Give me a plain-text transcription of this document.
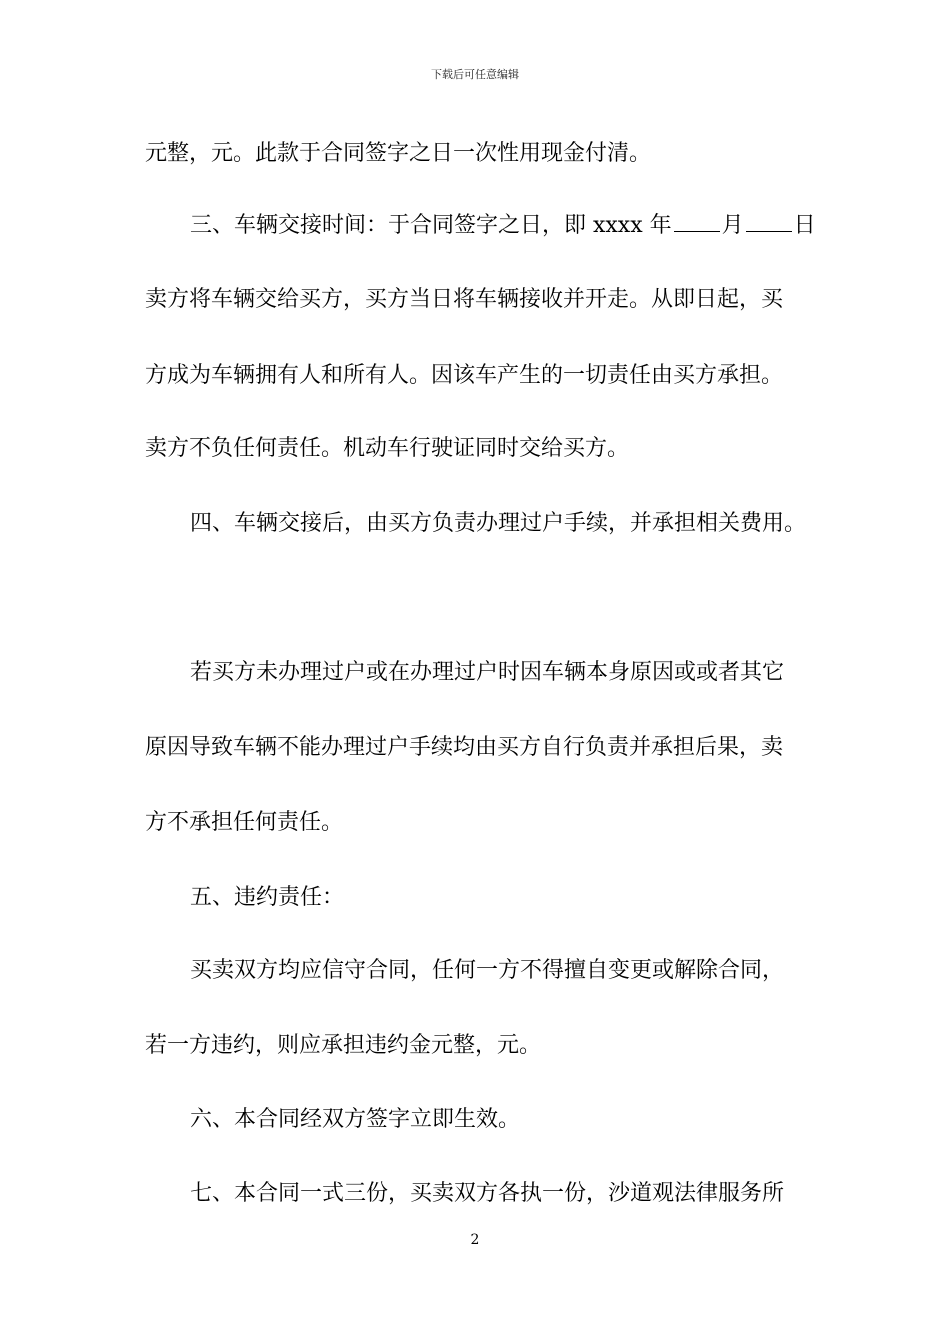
下载后可任意编辑

元整，元。此款于合同签字之日一次性用现金付清。

三、车辆交接时间：于合同签字之日，即 xxxx 年 月 日

卖方将车辆交给买方，买方当日将车辆接收并开走。从即日起，买

方成为车辆拥有人和所有人。因该车产生的一切责任由买方承担。

卖方不负任何责任。机动车行驶证同时交给买方。

四、车辆交接后，由买方负责办理过户手续，并承担相关费用。

若买方未办理过户或在办理过户时因车辆本身原因或或者其它

原因导致车辆不能办理过户手续均由买方自行负责并承担后果，卖

方不承担任何责任。

五、违约责任：

买卖双方均应信守合同，任何一方不得擅自变更或解除合同，

若一方违约，则应承担违约金元整，元。

六、本合同经双方签字立即生效。

七、本合同一式三份，买卖双方各执一份，沙道观法律服务所

2
